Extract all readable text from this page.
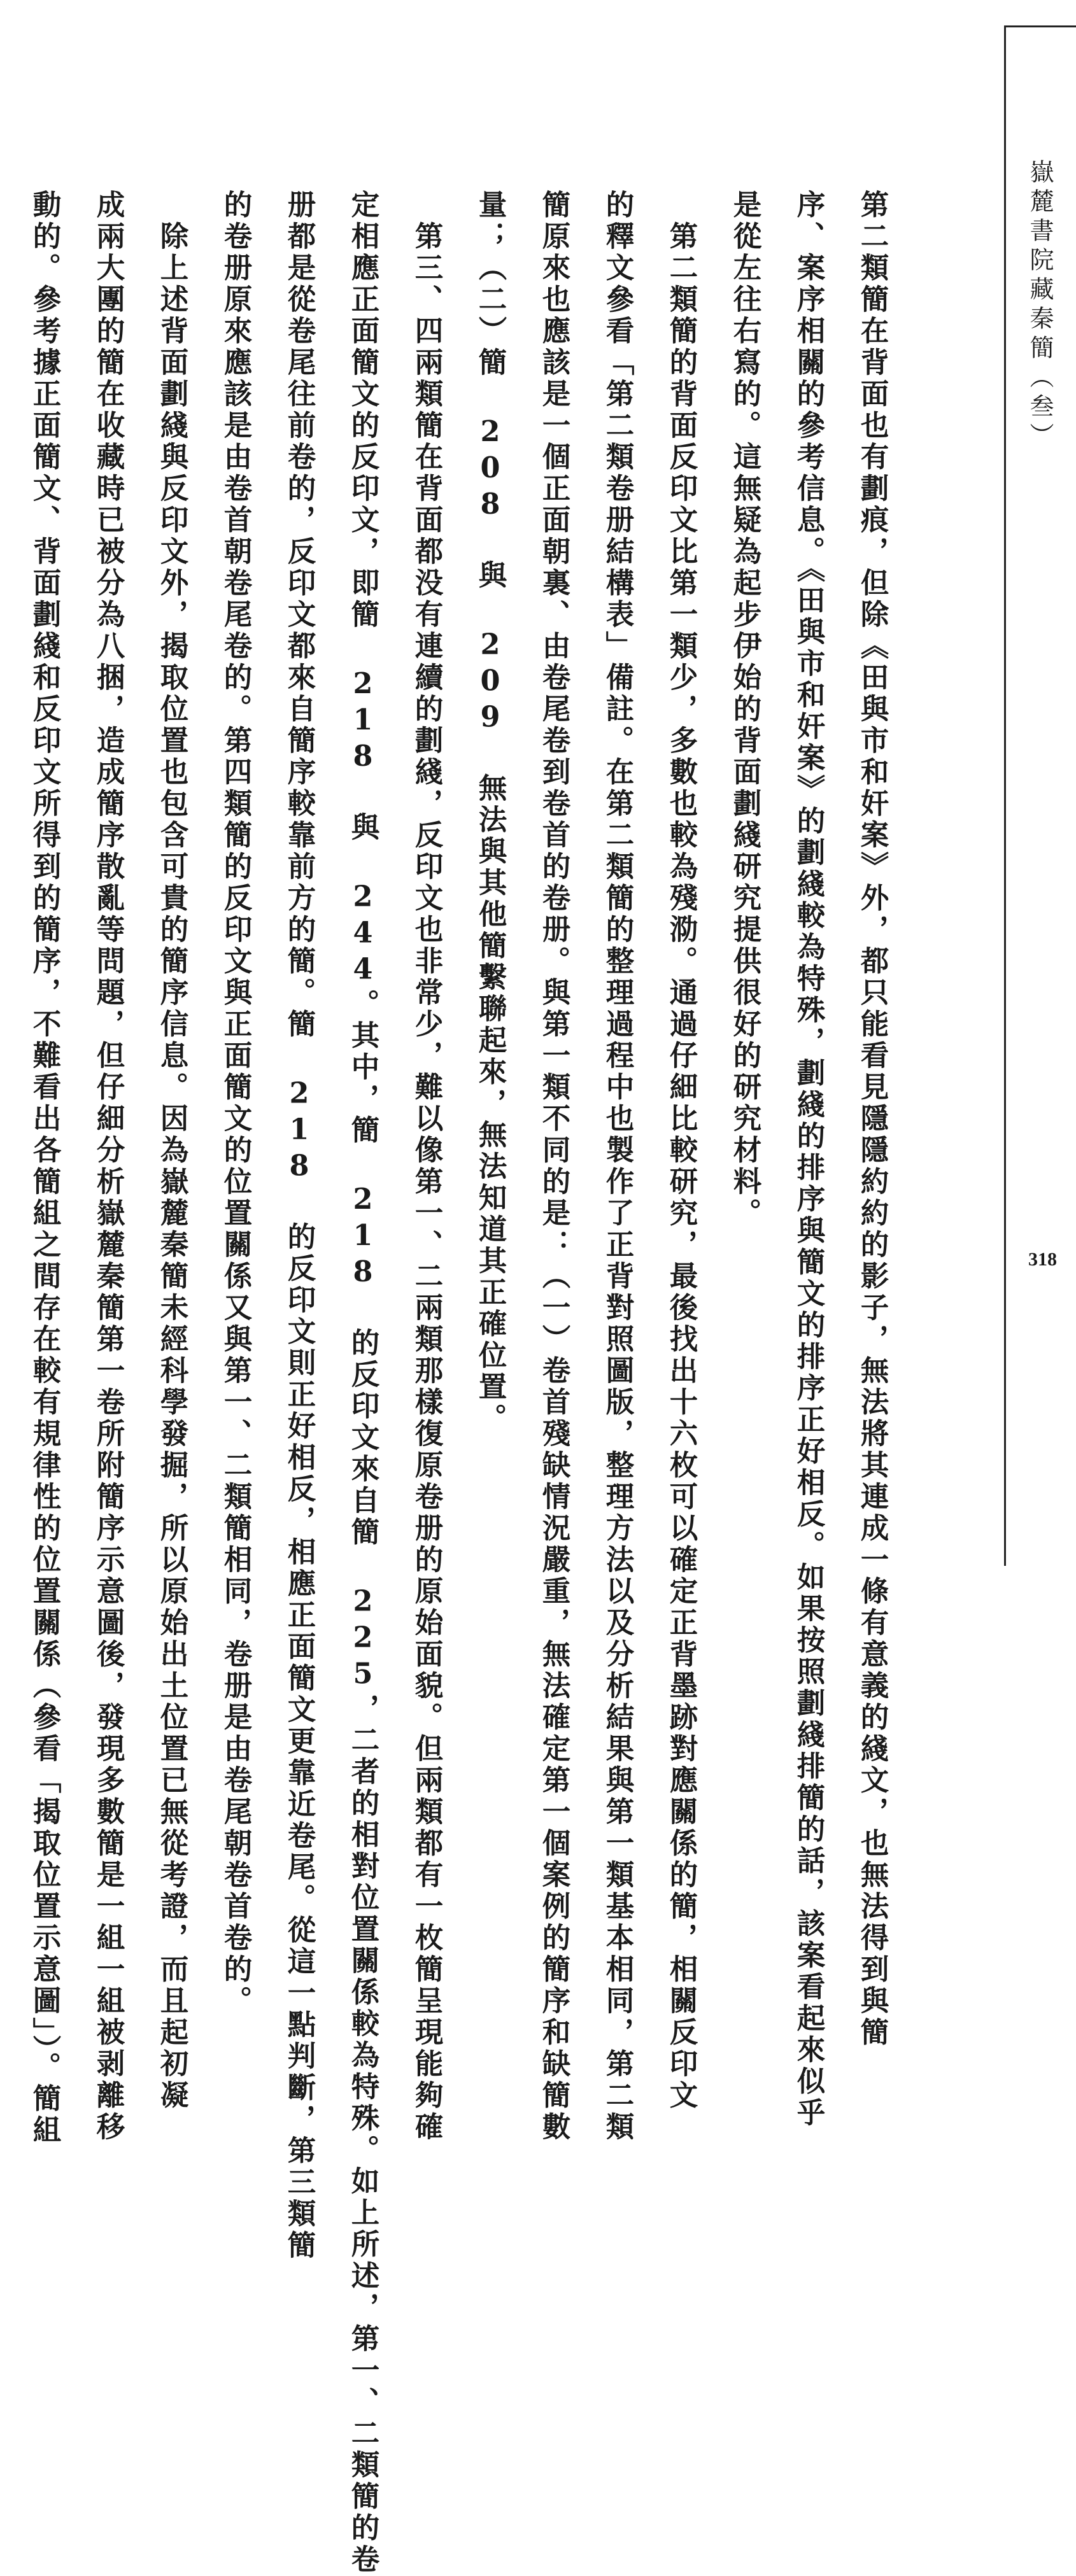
嶽麓書院藏秦簡（叁）
318
第二類簡在背面也有劃痕，但除《田與市和奸案》外，都只能看見隱隱約約的影子，無法將其連成一條有意義的綫文，也無法得到與簡
序、案序相關的參考信息。《田與市和奸案》的劃綫較為特殊，劃綫的排序與簡文的排序正好相反。如果按照劃綫排簡的話，該案看起來似乎
是從左往右寫的。這無疑為起步伊始的背面劃綫研究提供很好的研究材料。
　第二類簡的背面反印文比第一類少，多數也較為殘泐。通過仔細比較研究，最後找出十六枚可以確定正背墨跡對應關係的簡，相關反印文
的釋文參看「第二類卷册結構表」備註。在第二類簡的整理過程中也製作了正背對照圖版，整理方法以及分析結果與第一類基本相同，第二類
簡原來也應該是一個正面朝裏、由卷尾卷到卷首的卷册。與第一類不同的是：（一）卷首殘缺情況嚴重，無法確定第一個案例的簡序和缺簡數
量；（二）簡 208 與 209 無法與其他簡繫聯起來，無法知道其正確位置。
　第三、四兩類簡在背面都没有連續的劃綫，反印文也非常少，難以像第一、二兩類那樣復原卷册的原始面貌。但兩類都有一枚簡呈現能夠確
定相應正面簡文的反印文，即簡 218 與 244。其中，簡 218 的反印文來自簡 225，二者的相對位置關係較為特殊。如上所述，第一、二類簡的卷
册都是從卷尾往前卷的，反印文都來自簡序較靠前方的簡。簡 218 的反印文則正好相反，相應正面簡文更靠近卷尾。從這一點判斷，第三類簡
的卷册原來應該是由卷首朝卷尾卷的。第四類簡的反印文與正面簡文的位置關係又與第一、二類簡相同，卷册是由卷尾朝卷首卷的。
　除上述背面劃綫與反印文外，揭取位置也包含可貴的簡序信息。因為嶽麓秦簡未經科學發掘，所以原始出土位置已無從考證，而且起初凝
成兩大團的簡在收藏時已被分為八捆，造成簡序散亂等問題，但仔細分析嶽麓秦簡第一卷所附簡序示意圖後，發現多數簡是一組一組被剥離移
動的。參考據正面簡文、背面劃綫和反印文所得到的簡序，不難看出各簡組之間存在較有規律性的位置關係（參看「揭取位置示意圖」）。簡組
